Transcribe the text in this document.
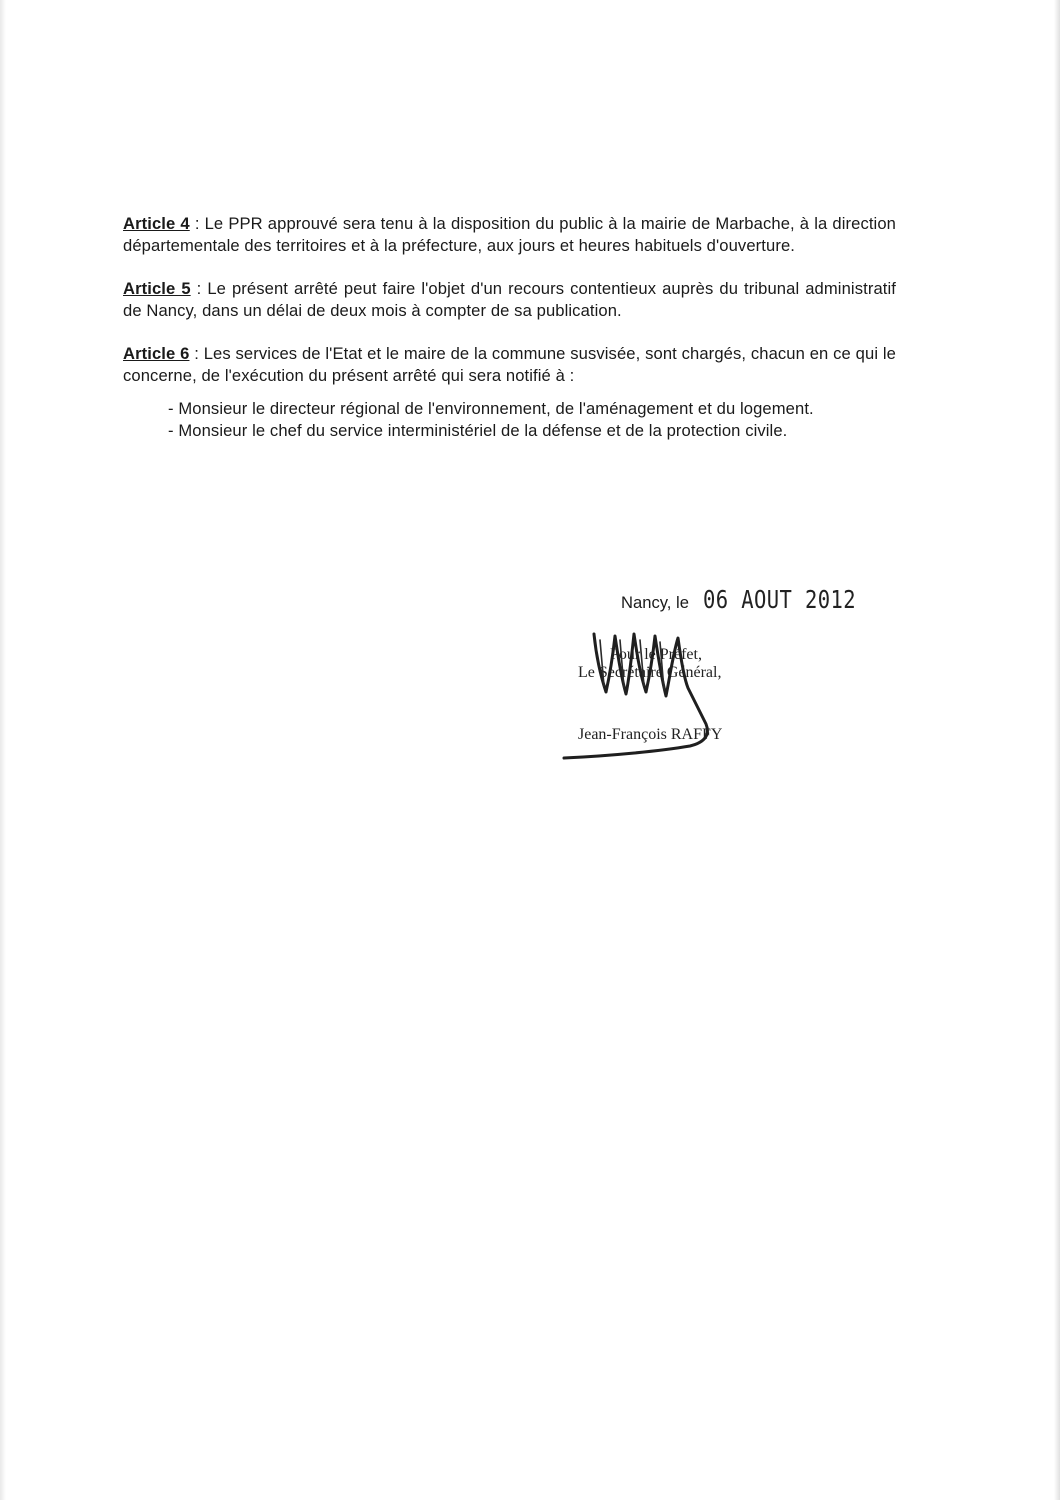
Article 4 : Le PPR approuvé sera tenu à la disposition du public à la mairie de Marbache, à la direction départementale des territoires et à la préfecture, aux jours et heures habituels d'ouverture.

Article 5 : Le présent arrêté peut faire l'objet d'un recours contentieux auprès du tribunal administratif de Nancy, dans un délai de deux mois à compter de sa publication.

Article 6 : Les services de l'Etat et le maire de la commune susvisée, sont chargés, chacun en ce qui le concerne, de l'exécution du présent arrêté qui sera notifié à :

- Monsieur le directeur régional de l'environnement, de l'aménagement et du logement.

- Monsieur le chef du service interministériel de la défense et de la protection civile.

Nancy, le 06 AOUT 2012
Pour le Préfet,
Le Secrétaire Général,
Jean-François RAFFY
